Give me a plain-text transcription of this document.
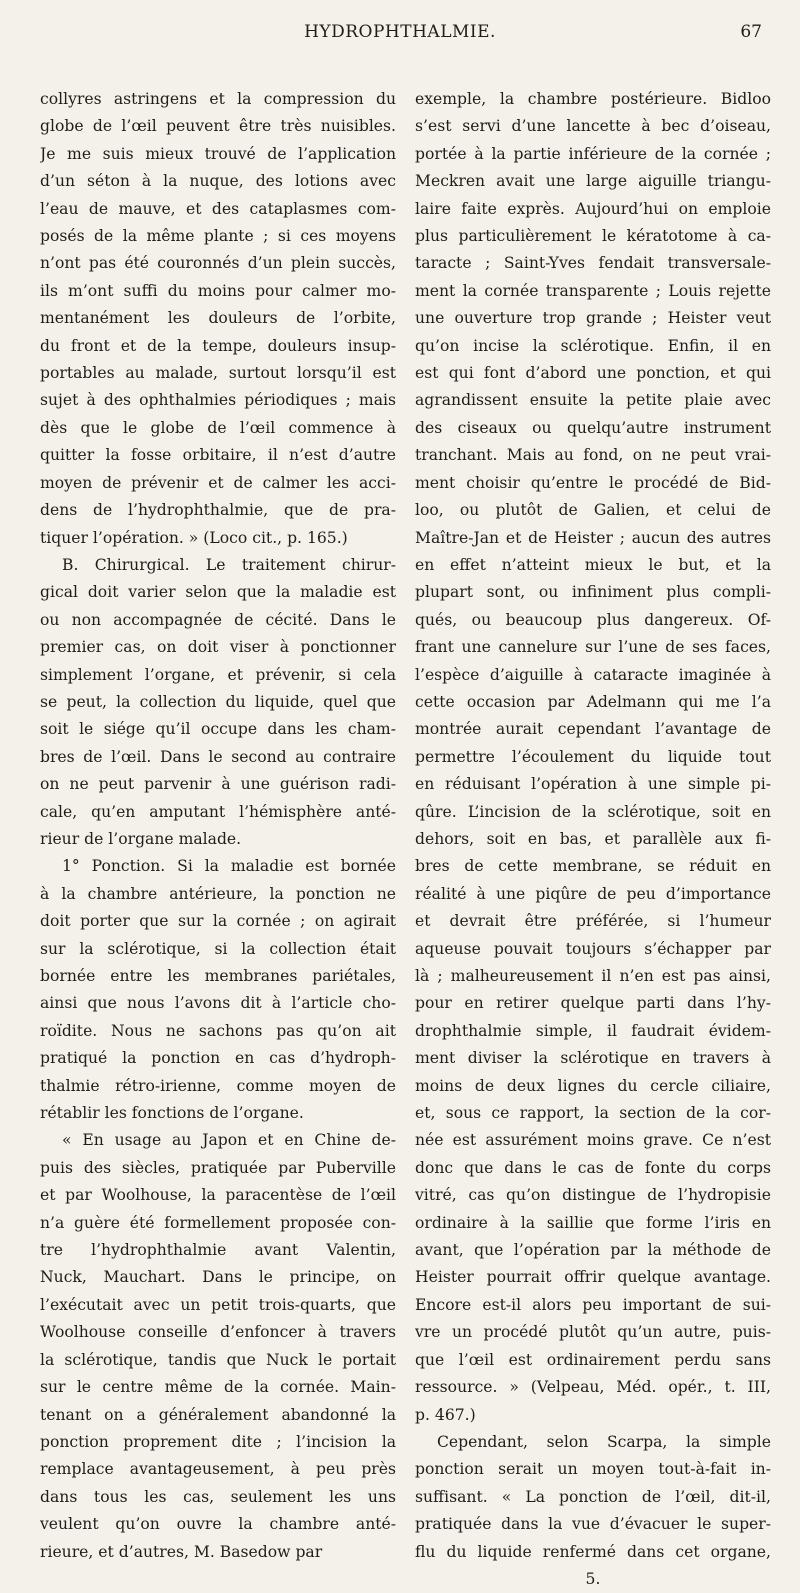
HYDROPHTHALMIE.	67
collyres astringens et la compression du
globe de l’œil peuvent être très nuisibles.
Je me suis mieux trouvé de l’application
d’un séton à la nuque, des lotions avec
l’eau de mauve, et des cataplasmes com-
posés de la même plante ; si ces moyens
n’ont pas été couronnés d’un plein succès,
ils m’ont suffi du moins pour calmer mo-
mentanément les douleurs de l’orbite,
du front et de la tempe, douleurs insup-
portables au malade, surtout lorsqu’il est
sujet à des ophthalmies périodiques ; mais
dès que le globe de l’œil commence à
quitter la fosse orbitaire, il n’est d’autre
moyen de prévenir et de calmer les acci-
dens de l’hydrophthalmie, que de pra-
tiquer l’opération. » (Loco cit., p. 165.)
B. Chirurgical. Le traitement chirur-
gical doit varier selon que la maladie est
ou non accompagnée de cécité. Dans le
premier cas, on doit viser à ponctionner
simplement l’organe, et prévenir, si cela
se peut, la collection du liquide, quel que
soit le siége qu’il occupe dans les cham-
bres de l’œil. Dans le second au contraire
on ne peut parvenir à une guérison radi-
cale, qu’en amputant l’hémisphère anté-
rieur de l’organe malade.
1° Ponction. Si la maladie est bornée
à la chambre antérieure, la ponction ne
doit porter que sur la cornée ; on agirait
sur la sclérotique, si la collection était
bornée entre les membranes pariétales,
ainsi que nous l’avons dit à l’article cho-
roïdite. Nous ne sachons pas qu’on ait
pratiqué la ponction en cas d’hydroph-
thalmie rétro-irienne, comme moyen de
rétablir les fonctions de l’organe.
« En usage au Japon et en Chine de-
puis des siècles, pratiquée par Puberville
et par Woolhouse, la paracentèse de l’œil
n’a guère été formellement proposée con-
tre l’hydrophthalmie avant Valentin,
Nuck, Mauchart. Dans le principe, on
l’exécutait avec un petit trois-quarts, que
Woolhouse conseille d’enfoncer à travers
la sclérotique, tandis que Nuck le portait
sur le centre même de la cornée. Main-
tenant on a généralement abandonné la
ponction proprement dite ; l’incision la
remplace avantageusement, à peu près
dans tous les cas, seulement les uns
veulent qu’on ouvre la chambre anté-
rieure, et d’autres, M. Basedow par
exemple, la chambre postérieure. Bidloo
s’est servi d’une lancette à bec d’oiseau,
portée à la partie inférieure de la cornée ;
Meckren avait une large aiguille triangu-
laire faite exprès. Aujourd’hui on emploie
plus particulièrement le kératotome à ca-
taracte ; Saint-Yves fendait transversale-
ment la cornée transparente ; Louis rejette
une ouverture trop grande ; Heister veut
qu’on incise la sclérotique. Enfin, il en
est qui font d’abord une ponction, et qui
agrandissent ensuite la petite plaie avec
des ciseaux ou quelqu’autre instrument
tranchant. Mais au fond, on ne peut vrai-
ment choisir qu’entre le procédé de Bid-
loo, ou plutôt de Galien, et celui de
Maître-Jan et de Heister ; aucun des autres
en effet n’atteint mieux le but, et la
plupart sont, ou infiniment plus compli-
qués, ou beaucoup plus dangereux. Of-
frant une cannelure sur l’une de ses faces,
l’espèce d’aiguille à cataracte imaginée à
cette occasion par Adelmann qui me l’a
montrée aurait cependant l’avantage de
permettre l’écoulement du liquide tout
en réduisant l’opération à une simple pi-
qûre. L’incision de la sclérotique, soit en
dehors, soit en bas, et parallèle aux fi-
bres de cette membrane, se réduit en
réalité à une piqûre de peu d’importance
et devrait être préférée, si l’humeur
aqueuse pouvait toujours s’échapper par
là ; malheureusement il n’en est pas ainsi,
pour en retirer quelque parti dans l’hy-
drophthalmie simple, il faudrait évidem-
ment diviser la sclérotique en travers à
moins de deux lignes du cercle ciliaire,
et, sous ce rapport, la section de la cor-
née est assurément moins grave. Ce n’est
donc que dans le cas de fonte du corps
vitré, cas qu’on distingue de l’hydropisie
ordinaire à la saillie que forme l’iris en
avant, que l’opération par la méthode de
Heister pourrait offrir quelque avantage.
Encore est-il alors peu important de sui-
vre un procédé plutôt qu’un autre, puis-
que l’œil est ordinairement perdu sans
ressource. » (Velpeau, Méd. opér., t. III,
p. 467.)
Cependant, selon Scarpa, la simple
ponction serait un moyen tout-à-fait in-
suffisant. « La ponction de l’œil, dit-il,
pratiquée dans la vue d’évacuer le super-
flu du liquide renfermé dans cet organe,
5.
